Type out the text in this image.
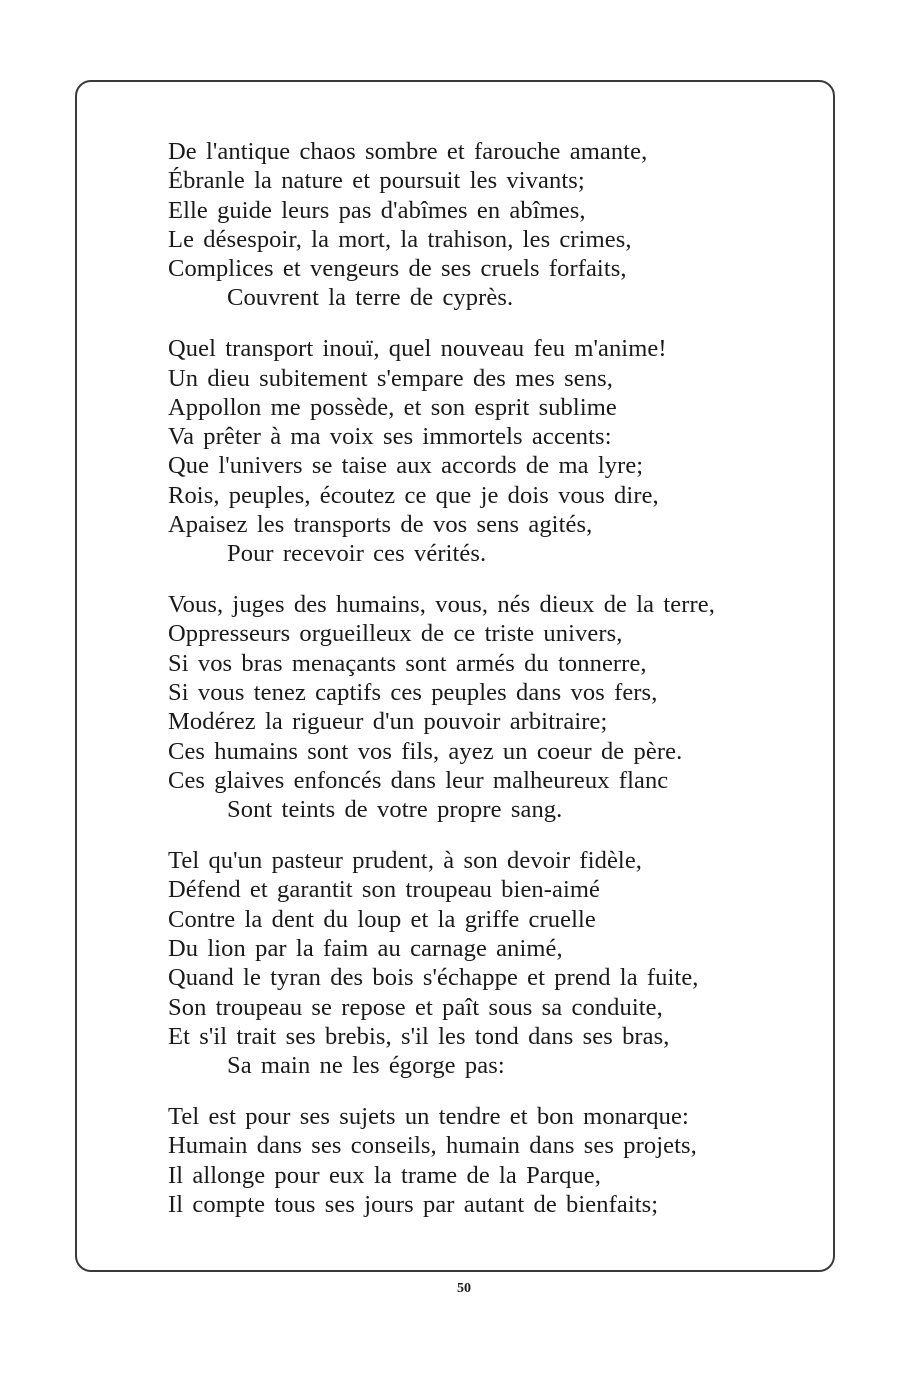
De l'antique chaos sombre et farouche amante,
Ébranle la nature et poursuit les vivants;
Elle guide leurs pas d'abîmes en abîmes,
Le désespoir, la mort, la trahison, les crimes,
Complices et vengeurs de ses cruels forfaits,
Couvrent la terre de cyprès.
Quel transport inouï, quel nouveau feu m'anime!
Un dieu subitement s'empare des mes sens,
Appollon me possède, et son esprit sublime
Va prêter à ma voix ses immortels accents:
Que l'univers se taise aux accords de ma lyre;
Rois, peuples, écoutez ce que je dois vous dire,
Apaisez les transports de vos sens agités,
Pour recevoir ces vérités.
Vous, juges des humains, vous, nés dieux de la terre,
Oppresseurs orgueilleux de ce triste univers,
Si vos bras menaçants sont armés du tonnerre,
Si vous tenez captifs ces peuples dans vos fers,
Modérez la rigueur d'un pouvoir arbitraire;
Ces humains sont vos fils, ayez un coeur de père.
Ces glaives enfoncés dans leur malheureux flanc
Sont teints de votre propre sang.
Tel qu'un pasteur prudent, à son devoir fidèle,
Défend et garantit son troupeau bien-aimé
Contre la dent du loup et la griffe cruelle
Du lion par la faim au carnage animé,
Quand le tyran des bois s'échappe et prend la fuite,
Son troupeau se repose et paît sous sa conduite,
Et s'il trait ses brebis, s'il les tond dans ses bras,
Sa main ne les égorge pas:
Tel est pour ses sujets un tendre et bon monarque:
Humain dans ses conseils, humain dans ses projets,
Il allonge pour eux la trame de la Parque,
Il compte tous ses jours par autant de bienfaits;
50
